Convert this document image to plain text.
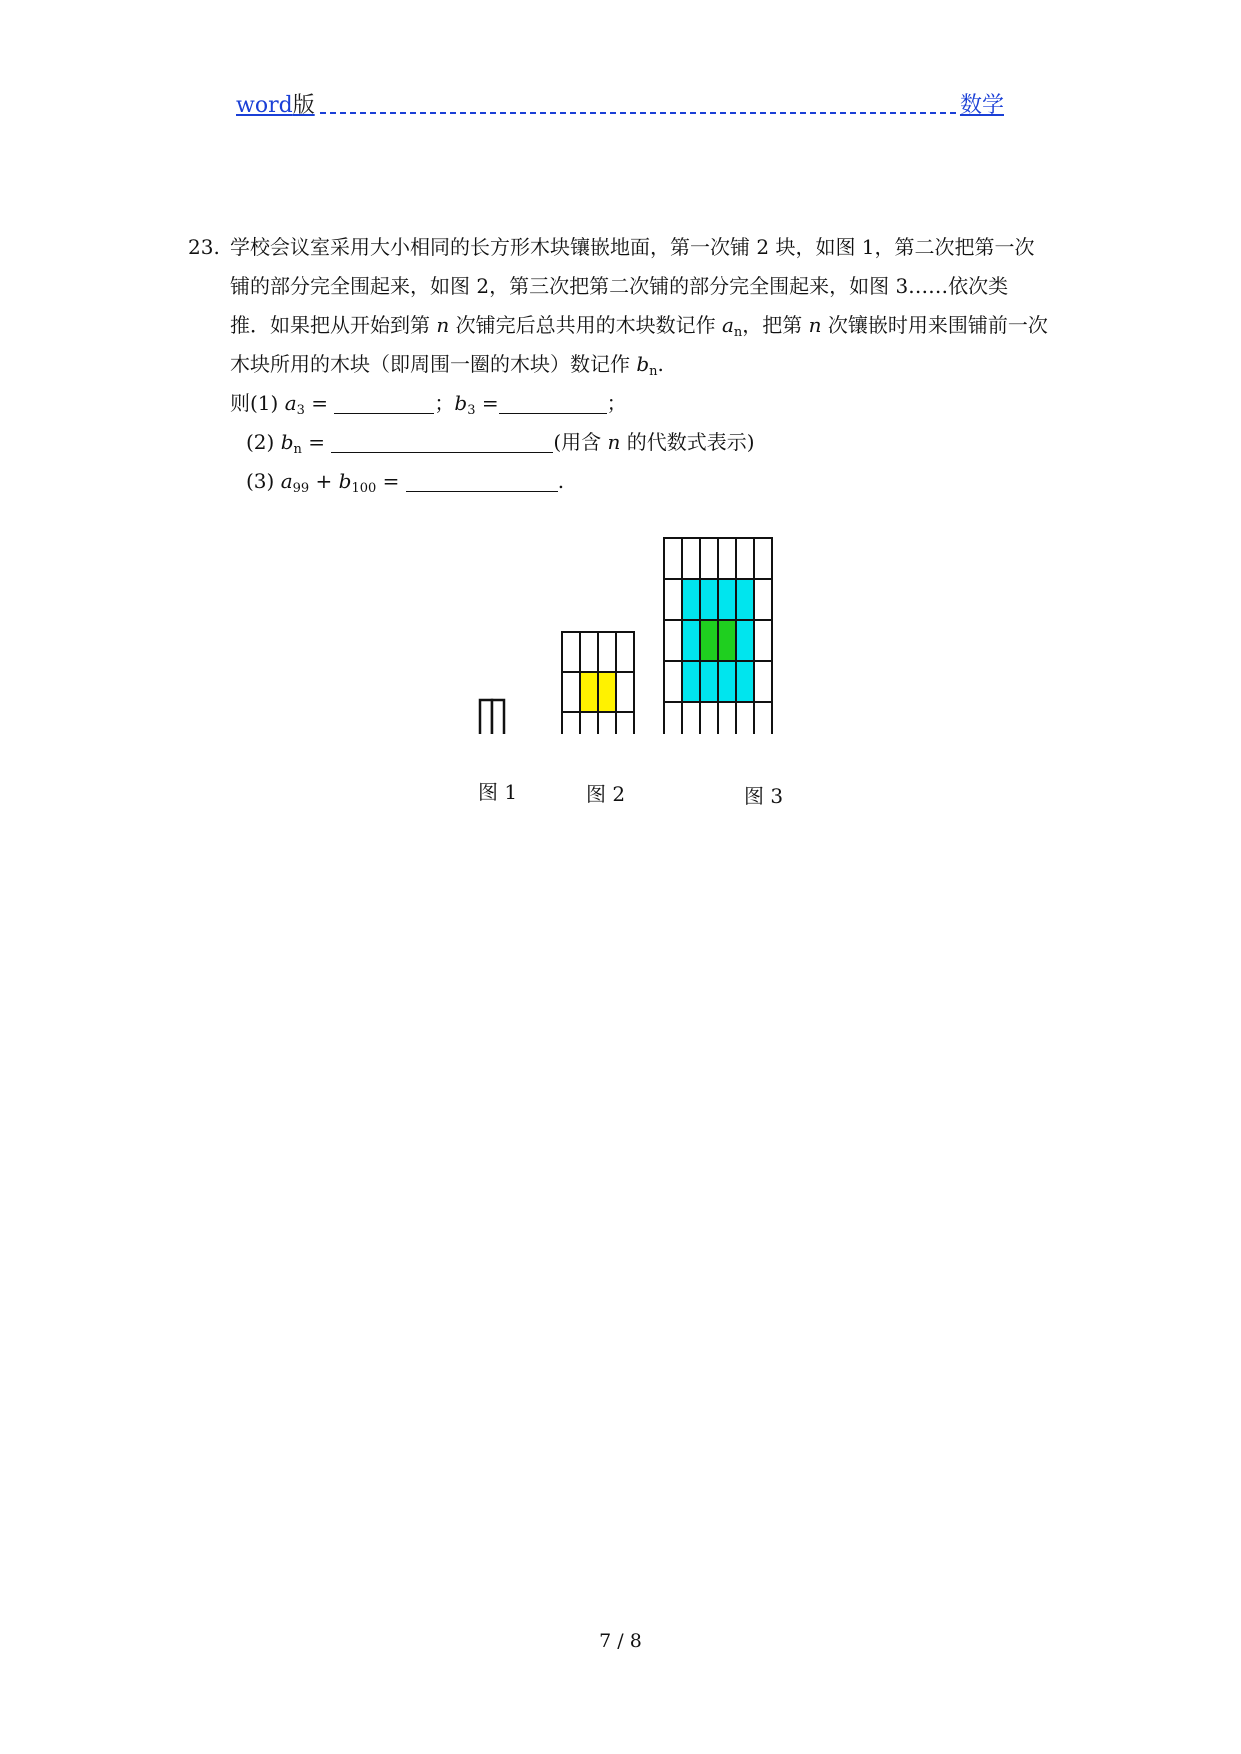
word版	数学
23. 学校会议室采用大小相同的长方形木块镶嵌地面，第一次铺 2 块，如图 1，第二次把第一次
铺的部分完全围起来，如图 2，第三次把第二次铺的部分完全围起来，如图 3……依次类
推．如果把从开始到第 n 次铺完后总共用的木块数记作 $a_n$，把第 n 次镶嵌时用来围铺前一次
木块所用的木块（即周围一圈的木块）数记作 $b_n$.
则(1) $a_3$ =	；$b_3$ =	；
(2) $b_n$ =	(用含 n 的代数式表示)
(3) $a_{99} + b_{100}$ =	.
图 1	图 2	图 3
7 / 8
